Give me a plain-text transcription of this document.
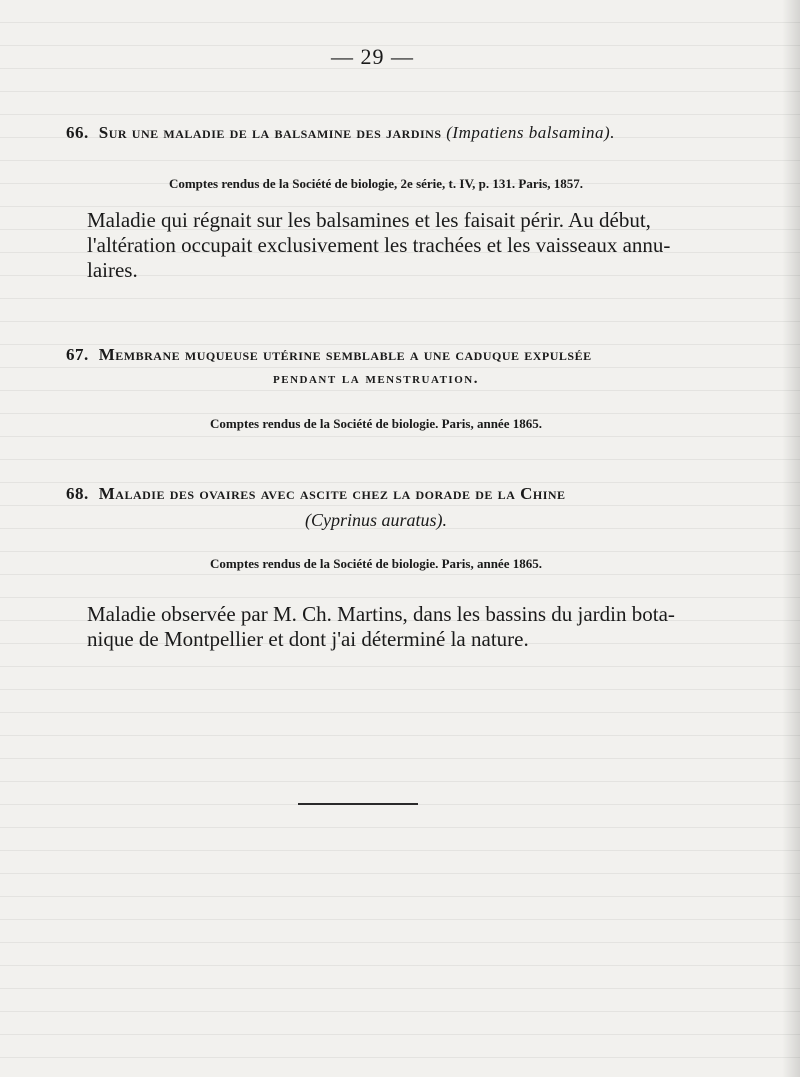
— 29 —
66. Sur une maladie de la balsamine des jardins (Impatiens balsamina).
Comptes rendus de la Société de biologie, 2e série, t. IV, p. 131. Paris, 1857.
Maladie qui régnait sur les balsamines et les faisait périr. Au début,
l'altération occupait exclusivement les trachées et les vaisseaux annu-
laires.
67. Membrane muqueuse utérine semblable a une caduque expulsée
pendant la menstruation.
Comptes rendus de la Société de biologie. Paris, année 1865.
68. Maladie des ovaires avec ascite chez la dorade de la Chine
(Cyprinus auratus).
Comptes rendus de la Société de biologie. Paris, année 1865.
Maladie observée par M. Ch. Martins, dans les bassins du jardin bota-
nique de Montpellier et dont j'ai déterminé la nature.
